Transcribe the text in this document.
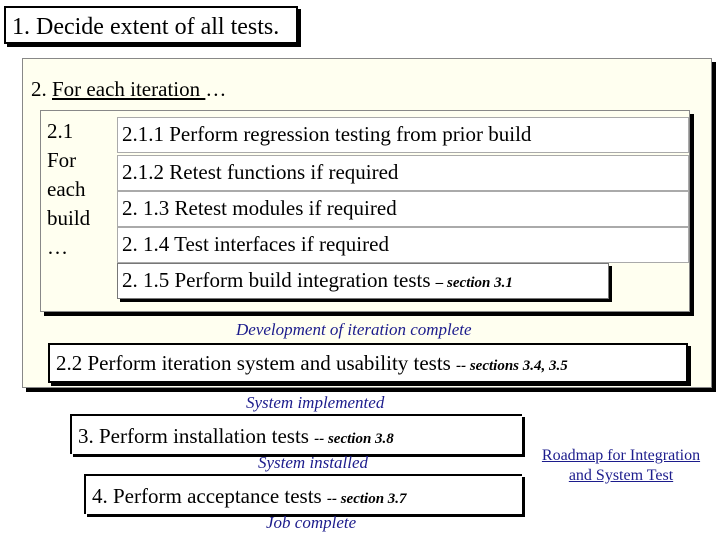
1. Decide extent of all tests.
2. For each iteration …
2.1
For
each
build
…
2.1.1 Perform regression testing from prior build
2.1.2 Retest functions if required
2. 1.3 Retest modules if required
2. 1.4 Test interfaces if required
2. 1.5 Perform build integration tests – section 3.1
Development of iteration complete
2.2 Perform iteration system and usability tests -- sections 3.4, 3.5
System implemented
3. Perform installation tests -- section 3.8
System installed
4. Perform acceptance tests -- section 3.7
Job complete
Roadmap for Integration
and System Test
